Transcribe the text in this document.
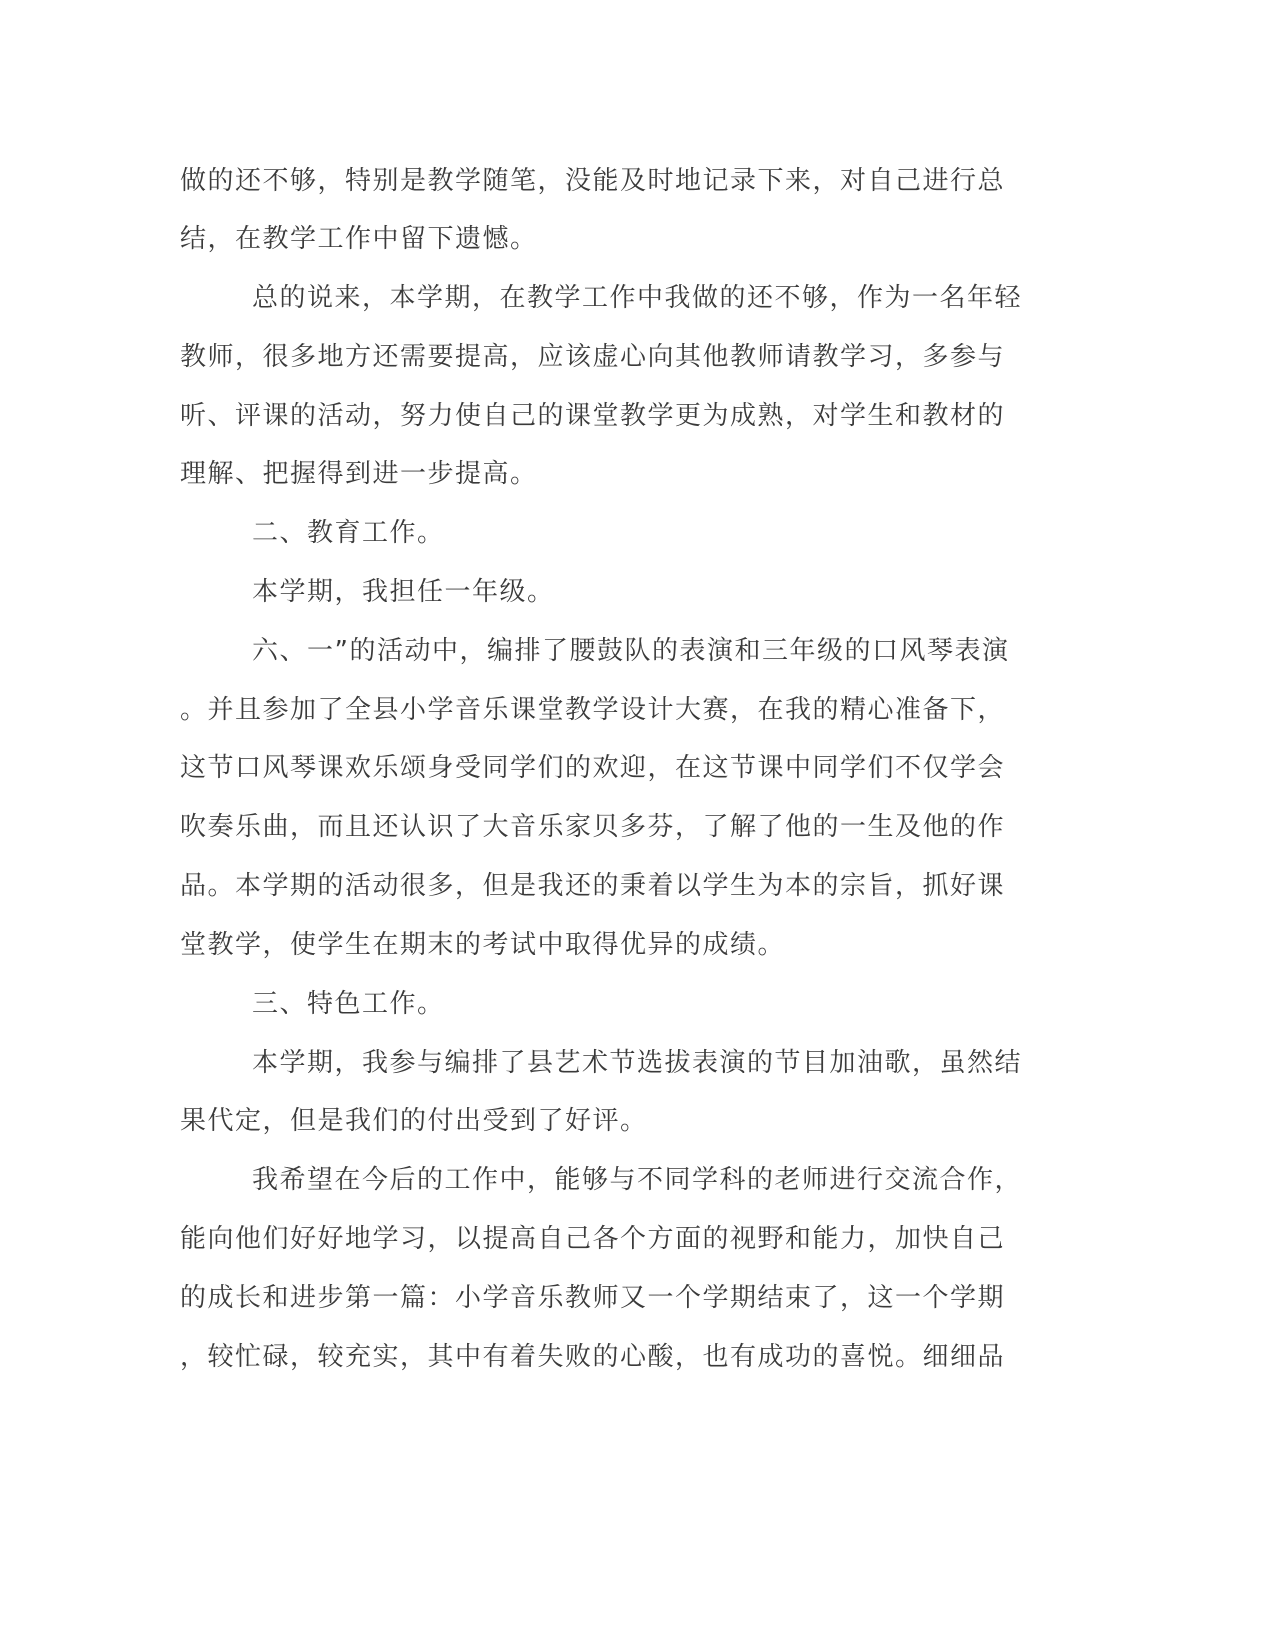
做的还不够，特别是教学随笔，没能及时地记录下来，对自己进行总
结，在教学工作中留下遗憾。
总的说来，本学期，在教学工作中我做的还不够，作为一名年轻
教师，很多地方还需要提高，应该虚心向其他教师请教学习，多参与
听、评课的活动，努力使自己的课堂教学更为成熟，对学生和教材的
理解、把握得到进一步提高。
二、教育工作。
本学期，我担任一年级。
六、一”的活动中，编排了腰鼓队的表演和三年级的口风琴表演
。并且参加了全县小学音乐课堂教学设计大赛，在我的精心准备下，
这节口风琴课欢乐颂身受同学们的欢迎，在这节课中同学们不仅学会
吹奏乐曲，而且还认识了大音乐家贝多芬，了解了他的一生及他的作
品。本学期的活动很多，但是我还的秉着以学生为本的宗旨，抓好课
堂教学，使学生在期末的考试中取得优异的成绩。
三、特色工作。
本学期，我参与编排了县艺术节选拔表演的节目加油歌，虽然结
果代定，但是我们的付出受到了好评。
我希望在今后的工作中，能够与不同学科的老师进行交流合作，
能向他们好好地学习，以提高自己各个方面的视野和能力，加快自己
的成长和进步第一篇：小学音乐教师又一个学期结束了，这一个学期
，较忙碌，较充实，其中有着失败的心酸，也有成功的喜悦。细细品
